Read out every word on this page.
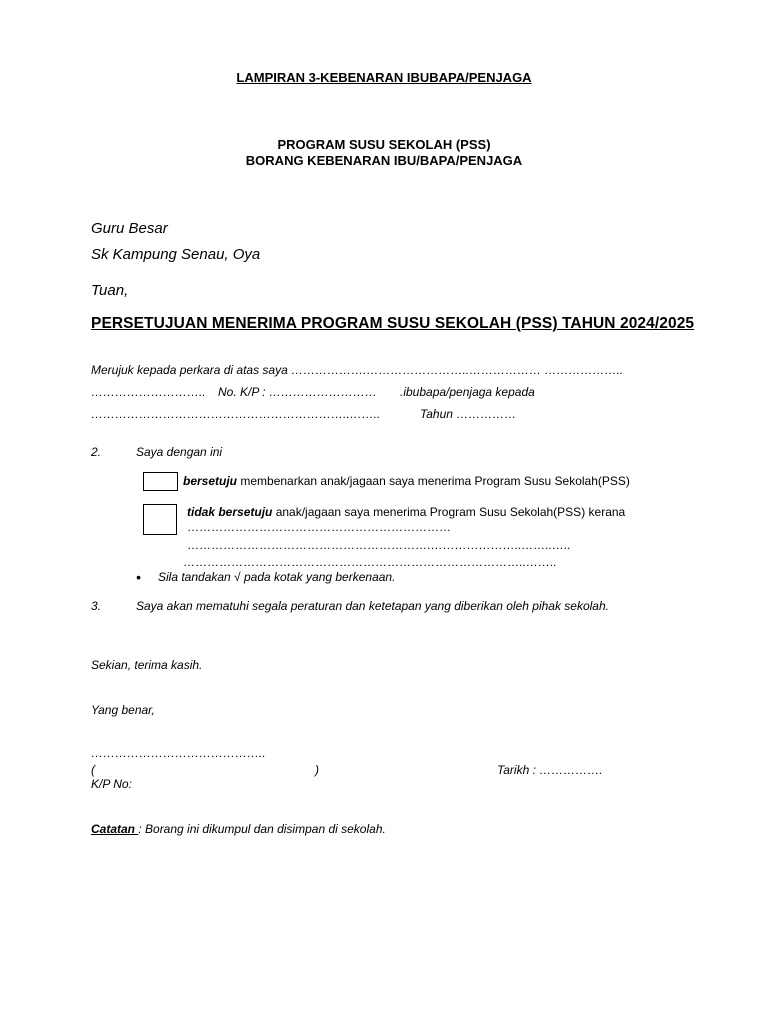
LAMPIRAN 3-KEBENARAN IBUBAPA/PENJAGA
PROGRAM SUSU SEKOLAH (PSS)
BORANG KEBENARAN IBU/BAPA/PENJAGA
Guru Besar
Sk Kampung Senau, Oya
Tuan,
PERSETUJUAN MENERIMA PROGRAM SUSU SEKOLAH (PSS) TAHUN 2024/2025
Merujuk kepada perkara di atas saya ……………….……………………..……………… ………………..
……………………….. No. K/P : ……………………… .ibubapa/penjaga kepada
………………………………………………………..……..	Tahun ……………
2.	Saya dengan ini
bersetuju membenarkan anak/jagaan saya menerima Program Susu Sekolah(PSS)
tidak bersetuju anak/jagaan saya menerima Program Susu Sekolah(PSS) kerana
…………………………………………………………
…………………………………………………….…………………..……..…..
…………………………………………………………………………..……..
• Sila tandakan √ pada kotak yang berkenaan.
3.	Saya akan mematuhi segala peraturan dan ketetapan yang diberikan oleh pihak sekolah.
Sekian, terima kasih.
Yang benar,
……………………………………..
(	)	Tarikh : …………….
K/P No:
Catatan : Borang ini dikumpul dan disimpan di sekolah.
